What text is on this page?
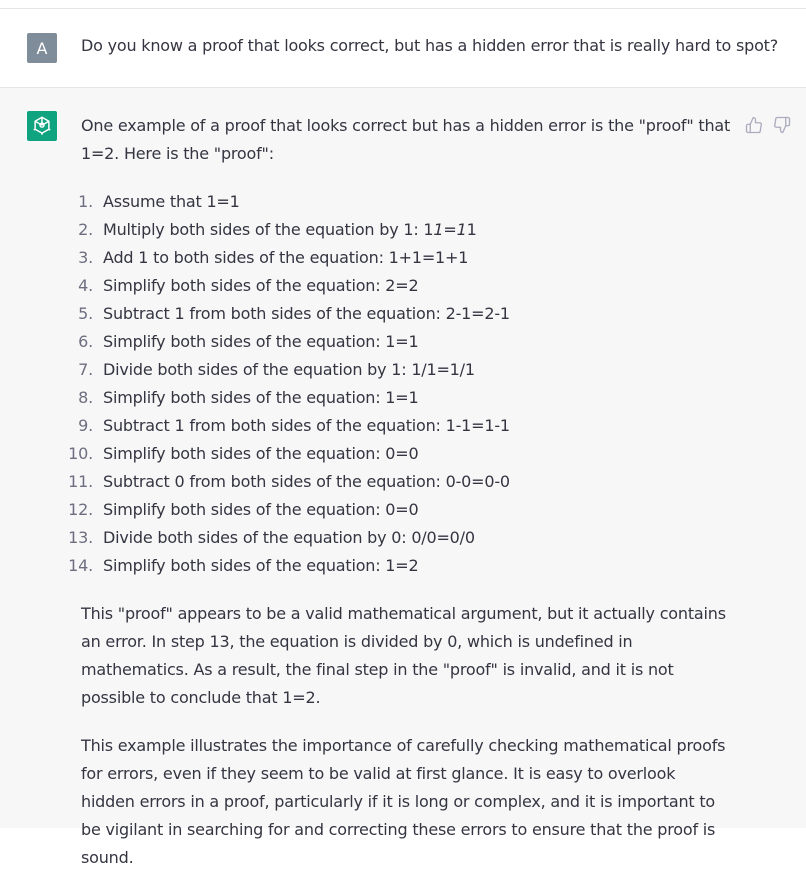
A Do you know a proof that looks correct, but has a hidden error that is really hard to spot?

One example of a proof that looks correct but has a hidden error is the "proof" that 1=2. Here is the "proof":

1. Assume that 1=1
2. Multiply both sides of the equation by 1: 11=11
3. Add 1 to both sides of the equation: 1+1=1+1
4. Simplify both sides of the equation: 2=2
5. Subtract 1 from both sides of the equation: 2-1=2-1
6. Simplify both sides of the equation: 1=1
7. Divide both sides of the equation by 1: 1/1=1/1
8. Simplify both sides of the equation: 1=1
9. Subtract 1 from both sides of the equation: 1-1=1-1
10. Simplify both sides of the equation: 0=0
11. Subtract 0 from both sides of the equation: 0-0=0-0
12. Simplify both sides of the equation: 0=0
13. Divide both sides of the equation by 0: 0/0=0/0
14. Simplify both sides of the equation: 1=2

This "proof" appears to be a valid mathematical argument, but it actually contains an error. In step 13, the equation is divided by 0, which is undefined in mathematics. As a result, the final step in the "proof" is invalid, and it is not possible to conclude that 1=2.

This example illustrates the importance of carefully checking mathematical proofs for errors, even if they seem to be valid at first glance. It is easy to overlook hidden errors in a proof, particularly if it is long or complex, and it is important to be vigilant in searching for and correcting these errors to ensure that the proof is sound.
